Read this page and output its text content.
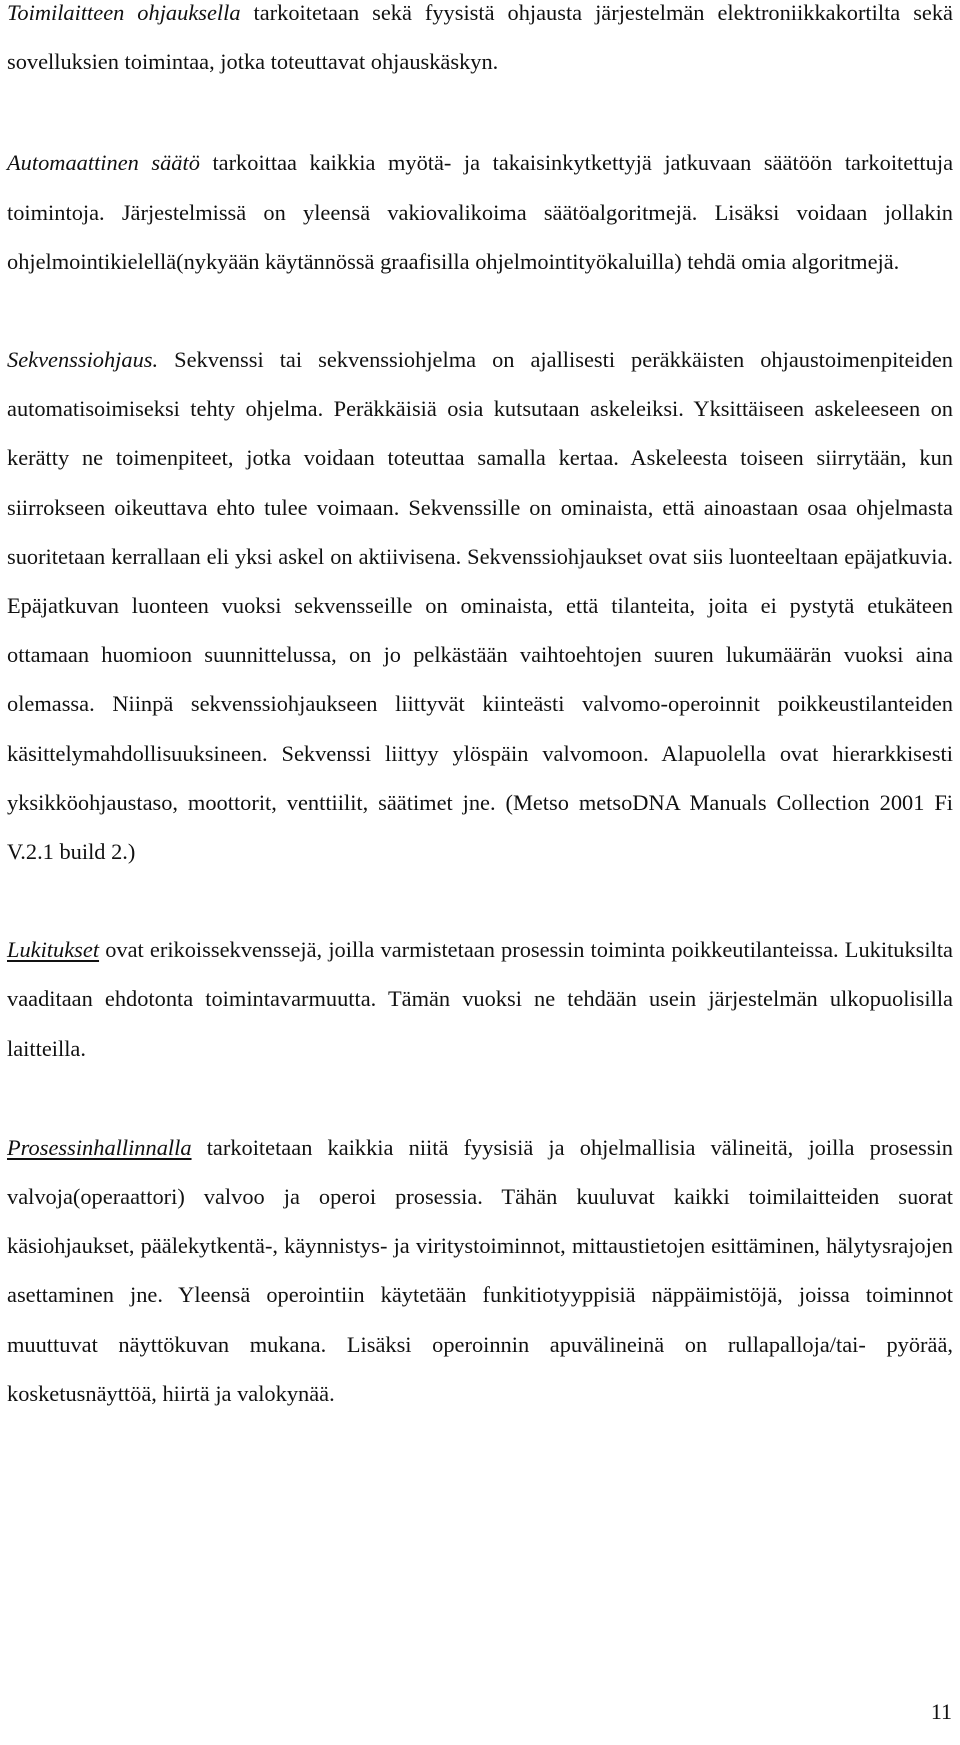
Toimilaitteen ohjauksella tarkoitetaan sekä fyysistä ohjausta järjestelmän elektroniikkakortilta sekä sovelluksien toimintaa, jotka toteuttavat ohjauskäskyn.

Automaattinen säätö tarkoittaa kaikkia myötä- ja takaisinkytkettyjä jatkuvaan säätöön tarkoitettuja toimintoja. Järjestelmissä on yleensä vakiovalikoima säätöalgoritmejä. Lisäksi voidaan jollakin ohjelmointikielellä(nykyään käytännössä graafisilla ohjelmointityökaluilla) tehdä omia algoritmejä.

Sekvenssiohjaus. Sekvenssi tai sekvenssiohjelma on ajallisesti peräkkäisten ohjaustoimenpiteiden automatisoimiseksi tehty ohjelma. Peräkkäisiä osia kutsutaan askeleiksi. Yksittäiseen askeleeseen on kerätty ne toimenpiteet, jotka voidaan toteuttaa samalla kertaa. Askeleesta toiseen siirrytään, kun siirrokseen oikeuttava ehto tulee voimaan. Sekvenssille on ominaista, että ainoastaan osaa ohjelmasta suoritetaan kerrallaan eli yksi askel on aktiivisena. Sekvenssiohjaukset ovat siis luonteeltaan epäjatkuvia. Epäjatkuvan luonteen vuoksi sekvensseille on ominaista, että tilanteita, joita ei pystytä etukäteen ottamaan huomioon suunnittelussa, on jo pelkästään vaihtoehtojen suuren lukumäärän vuoksi aina olemassa. Niinpä sekvenssiohjaukseen liittyvät kiinteästi valvomo-operoinnit poikkeustilanteiden käsittelymahdollisuuksineen. Sekvenssi liittyy ylöspäin valvomoon. Alapuolella ovat hierarkkisesti yksikköohjaustaso, moottorit, venttiilit, säätimet jne. (Metso metsoDNA Manuals Collection 2001 Fi V.2.1 build 2.)

Lukitukset ovat erikoissekvenssejä, joilla varmistetaan prosessin toiminta poikkeutilanteissa. Lukituksilta vaaditaan ehdotonta toimintavarmuutta. Tämän vuoksi ne tehdään usein järjestelmän ulkopuolisilla laitteilla.

Prosessinhallinnalla tarkoitetaan kaikkia niitä fyysisiä ja ohjelmallisia välineitä, joilla prosessin valvoja(operaattori) valvoo ja operoi prosessia. Tähän kuuluvat kaikki toimilaitteiden suorat käsiohjaukset, päälekytkentä-, käynnistys- ja viritystoiminnot, mittaustietojen esittäminen, hälytysrajojen asettaminen jne. Yleensä operointiin käytetään funkitiotyyppisiä näppäimistöjä, joissa toiminnot muuttuvat näyttökuvan mukana. Lisäksi operoinnin apuvälineinä on rullapalloja/tai- pyörää, kosketusnäyttöä, hiirtä ja valokynää.

11
